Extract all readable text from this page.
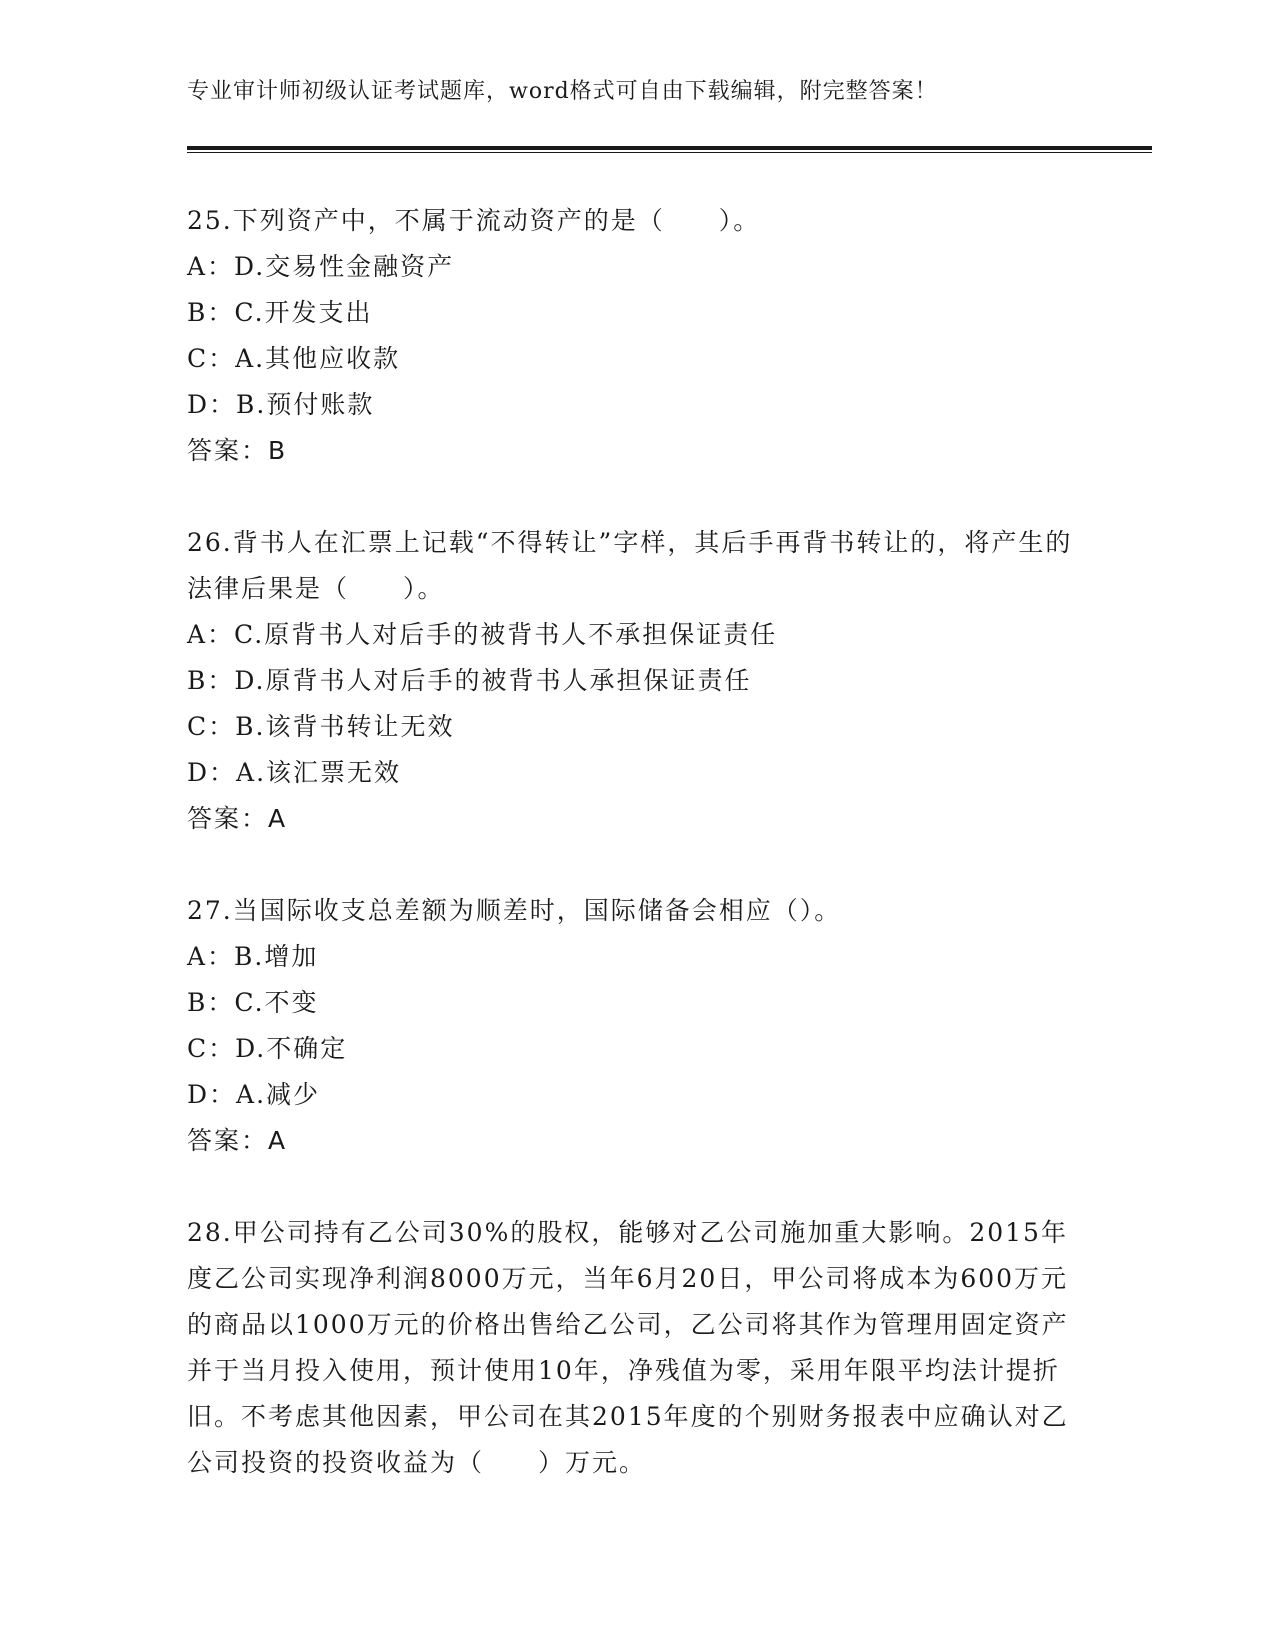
专业审计师初级认证考试题库，word格式可自由下载编辑，附完整答案！

25.下列资产中，不属于流动资产的是（　　）。

A：D.交易性金融资产

B：C.开发支出

C：A.其他应收款

D：B.预付账款

答案：B

26.背书人在汇票上记载“不得转让”字样，其后手再背书转让的，将产生的法律后果是（　　）。

A：C.原背书人对后手的被背书人不承担保证责任

B：D.原背书人对后手的被背书人承担保证责任

C：B.该背书转让无效

D：A.该汇票无效

答案：A

27.当国际收支总差额为顺差时，国际储备会相应（）。

A：B.增加

B：C.不变

C：D.不确定

D：A.减少

答案：A

28.甲公司持有乙公司30%的股权，能够对乙公司施加重大影响。2015年度乙公司实现净利润8000万元，当年6月20日，甲公司将成本为600万元的商品以1000万元的价格出售给乙公司，乙公司将其作为管理用固定资产并于当月投入使用，预计使用10年，净残值为零，采用年限平均法计提折旧。不考虑其他因素，甲公司在其2015年度的个别财务报表中应确认对乙公司投资的投资收益为（　　）万元。
